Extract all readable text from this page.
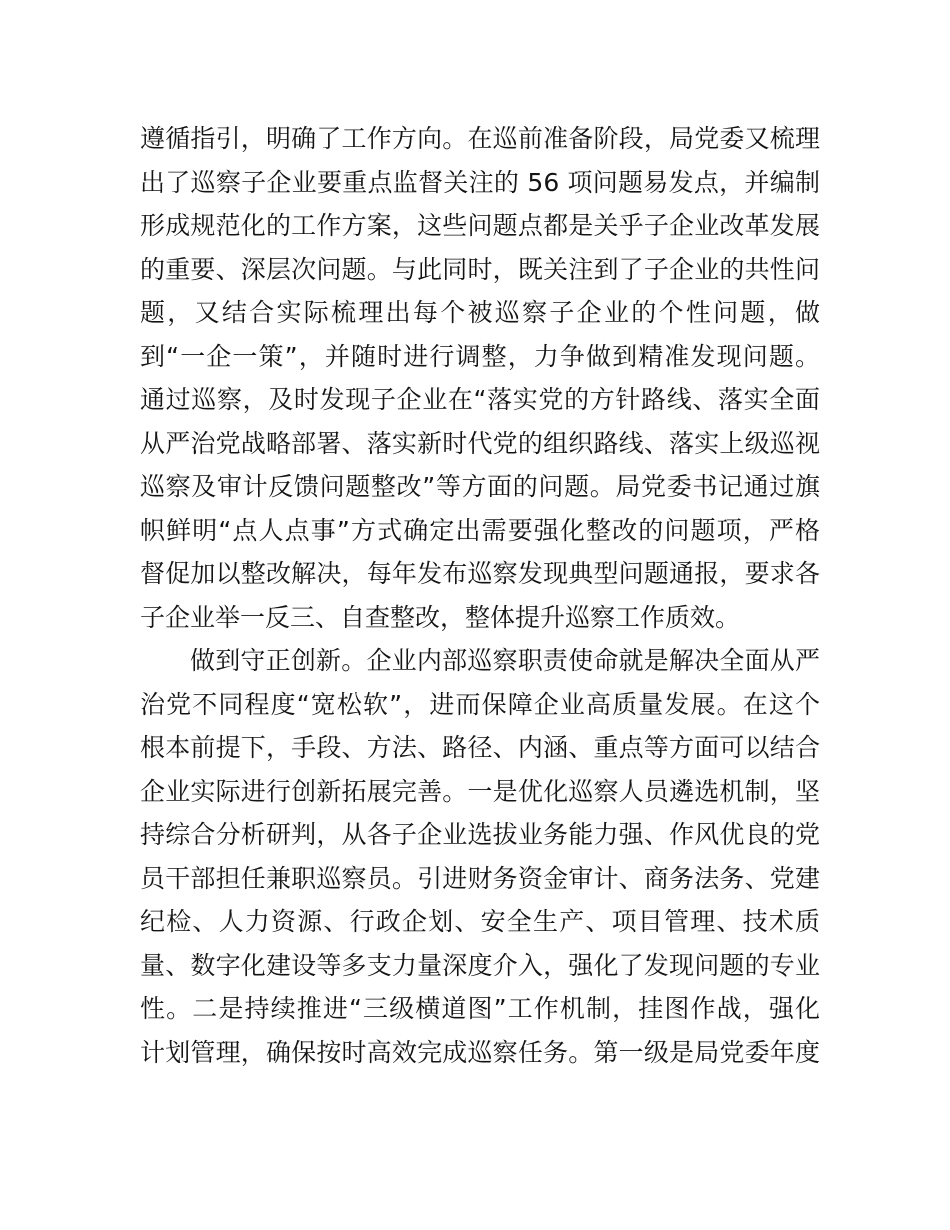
遵循指引，明确了工作方向。在巡前准备阶段，局党委又梳理
出了巡察子企业要重点监督关注的 56 项问题易发点，并编制
形成规范化的工作方案，这些问题点都是关乎子企业改革发展
的重要、深层次问题。与此同时，既关注到了子企业的共性问
题，又结合实际梳理出每个被巡察子企业的个性问题，做
到“一企一策”，并随时进行调整，力争做到精准发现问题。
通过巡察，及时发现子企业在“落实党的方针路线、落实全面
从严治党战略部署、落实新时代党的组织路线、落实上级巡视
巡察及审计反馈问题整改”等方面的问题。局党委书记通过旗
帜鲜明“点人点事”方式确定出需要强化整改的问题项，严格
督促加以整改解决，每年发布巡察发现典型问题通报，要求各
子企业举一反三、自查整改，整体提升巡察工作质效。
做到守正创新。企业内部巡察职责使命就是解决全面从严
治党不同程度“宽松软”，进而保障企业高质量发展。在这个
根本前提下，手段、方法、路径、内涵、重点等方面可以结合
企业实际进行创新拓展完善。一是优化巡察人员遴选机制，坚
持综合分析研判，从各子企业选拔业务能力强、作风优良的党
员干部担任兼职巡察员。引进财务资金审计、商务法务、党建
纪检、人力资源、行政企划、安全生产、项目管理、技术质
量、数字化建设等多支力量深度介入，强化了发现问题的专业
性。二是持续推进“三级横道图”工作机制，挂图作战，强化
计划管理，确保按时高效完成巡察任务。第一级是局党委年度
